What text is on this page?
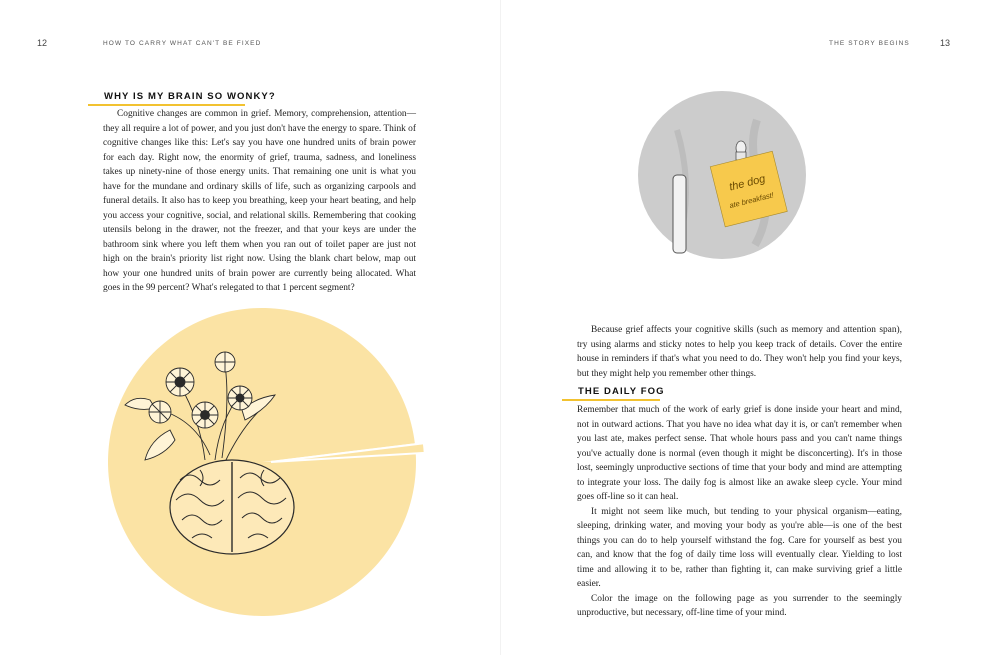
12	HOW TO CARRY WHAT CAN'T BE FIXED
WHY IS MY BRAIN SO WONKY?

Cognitive changes are common in grief. Memory, comprehension, attention—they all require a lot of power, and you just don't have the energy to spare. Think of cognitive changes like this: Let's say you have one hundred units of brain power for each day. Right now, the enormity of grief, trauma, sadness, and loneliness takes up ninety-nine of those energy units. That remaining one unit is what you have for the mundane and ordinary skills of life, such as organizing carpools and funeral details. It also has to keep you breathing, keep your heart beating, and help you access your cognitive, social, and relational skills. Remembering that cooking utensils belong in the drawer, not the freezer, and that your keys are under the bathroom sink where you left them when you ran out of toilet paper are just not high on the brain's priority list right now. Using the blank chart below, map out how your one hundred units of brain power are currently being allocated. What goes in the 99 percent? What's relegated to that 1 percent segment?

THE STORY BEGINS	13
the dog
ate breakfast!

Because grief affects your cognitive skills (such as memory and attention span), try using alarms and sticky notes to help you keep track of details. Cover the entire house in reminders if that's what you need to do. They won't help you find your keys, but they might help you remember other things.

THE DAILY FOG

Remember that much of the work of early grief is done inside your heart and mind, not in outward actions. That you have no idea what day it is, or can't remember when you last ate, makes perfect sense. That whole hours pass and you can't name things you've actually done is normal (even though it might be disconcerting). It's in those lost, seemingly unproductive sections of time that your body and mind are attempting to integrate your loss. The daily fog is almost like an awake sleep cycle. Your mind goes off-line so it can heal.

It might not seem like much, but tending to your physical organism—eating, sleeping, drinking water, and moving your body as you're able—is one of the best things you can do to help yourself withstand the fog. Care for yourself as best you can, and know that the fog of daily time loss will eventually clear. Yielding to lost time and allowing it to be, rather than fighting it, can make surviving grief a little easier.

Color the image on the following page as you surrender to the seemingly unproductive, but necessary, off-line time of your mind.
